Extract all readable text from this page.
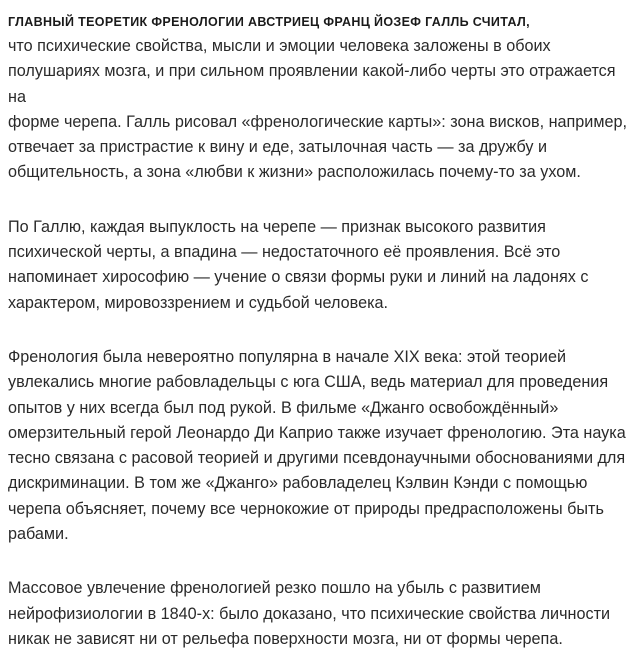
ГЛАВНЫЙ ТЕОРЕТИК ФРЕНОЛОГИИ АВСТРИЕЦ ФРАНЦ ЙОЗЕФ ГАЛЛЬ СЧИТАЛ,

что психические свойства, мысли и эмоции человека заложены в обоих
полушариях мозга, и при сильном проявлении какой-либо черты это отражается на
форме черепа. Галль рисовал «френологические карты»: зона висков, например,
отвечает за пристрастие к вину и еде, затылочная часть — за дружбу и
общительность, а зона «любви к жизни» расположилась почему-то за ухом.

По Галлю, каждая выпуклость на черепе — признак высокого развития
психической черты, а впадина — недостаточного её проявления. Всё это
напоминает хирософию — учение о связи формы руки и линий на ладонях с
характером, мировоззрением и судьбой человека.

Френология была невероятно популярна в начале XIX века: этой теорией
увлекались многие рабовладельцы с юга США, ведь материал для проведения
опытов у них всегда был под рукой. В фильме «Джанго освобождённый»
омерзительный герой Леонардо Ди Каприо также изучает френологию. Эта наука
тесно связана с расовой теорией и другими псевдонаучными обоснованиями для
дискриминации. В том же «Джанго» рабовладелец Кэлвин Кэнди с помощью
черепа объясняет, почему все чернокожие от природы предрасположены быть
рабами.

Массовое увлечение френологией резко пошло на убыль с развитием
нейрофизиологии в 1840-х: было доказано, что психические свойства личности
никак не зависят ни от рельефа поверхности мозга, ни от формы черепа.
